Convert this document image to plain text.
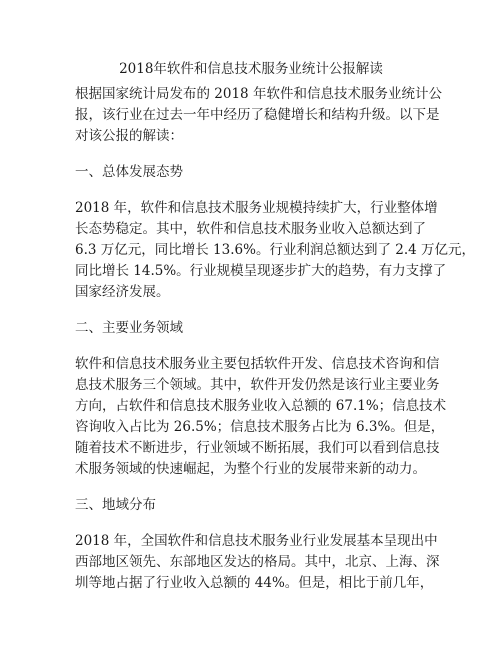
2018年软件和信息技术服务业统计公报解读
根据国家统计局发布的 2018 年软件和信息技术服务业统计公
报，该行业在过去一年中经历了稳健增长和结构升级。以下是
对该公报的解读：
一、总体发展态势
2018 年，软件和信息技术服务业规模持续扩大，行业整体增
长态势稳定。其中，软件和信息技术服务业收入总额达到了
6.3 万亿元，同比增长 13.6%。行业利润总额达到了 2.4 万亿元，
同比增长 14.5%。行业规模呈现逐步扩大的趋势，有力支撑了
国家经济发展。
二、主要业务领域
软件和信息技术服务业主要包括软件开发、信息技术咨询和信
息技术服务三个领域。其中，软件开发仍然是该行业主要业务
方向，占软件和信息技术服务业收入总额的 67.1%；信息技术
咨询收入占比为 26.5%；信息技术服务占比为 6.3%。但是，
随着技术不断进步，行业领域不断拓展，我们可以看到信息技
术服务领域的快速崛起，为整个行业的发展带来新的动力。
三、地域分布
2018 年，全国软件和信息技术服务业行业发展基本呈现出中
西部地区领先、东部地区发达的格局。其中，北京、上海、深
圳等地占据了行业收入总额的 44%。但是，相比于前几年，
